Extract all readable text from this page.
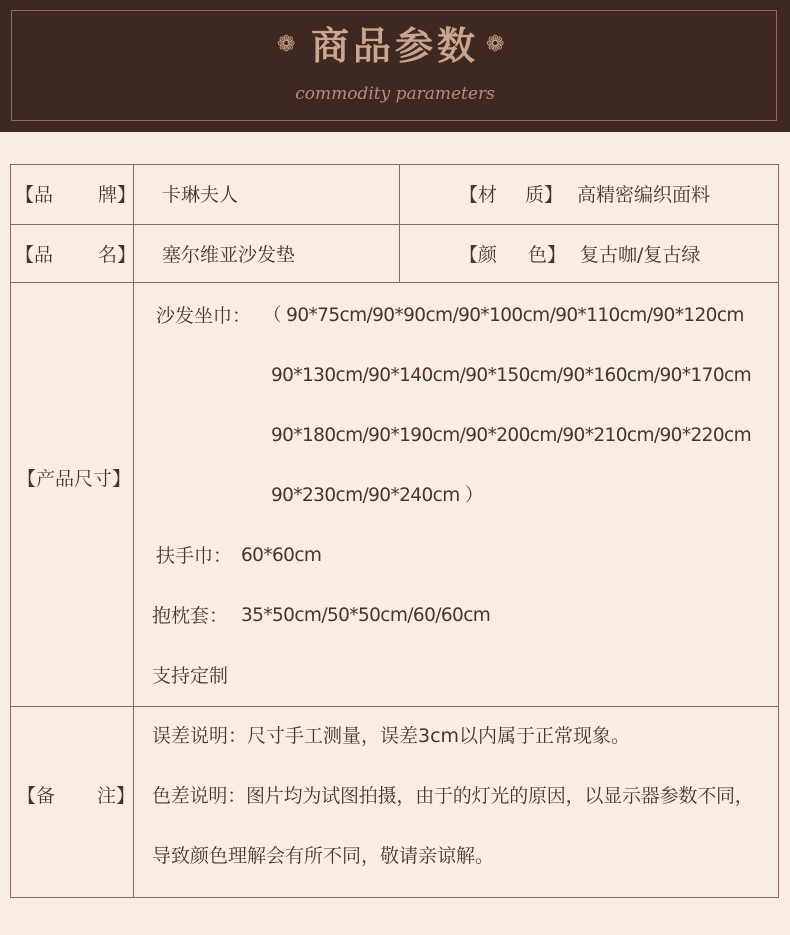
❁ 商品参数 ❁
commodity parameters
【品 牌】 卡琳夫人	【材 质】 高精密编织面料
【品 名】 塞尔维亚沙发垫	【颜 色】 复古咖/复古绿
【产品尺寸】
沙发坐巾： （ 90*75cm/90*90cm/90*100cm/90*110cm/90*120cm
90*130cm/90*140cm/90*150cm/90*160cm/90*170cm
90*180cm/90*190cm/90*200cm/90*210cm/90*220cm
90*230cm/90*240cm ）
扶手巾： 60*60cm
抱枕套： 35*50cm/50*50cm/60/60cm
支持定制
【备 注】
误差说明：尺寸手工测量，误差3cm以内属于正常现象。
色差说明：图片均为试图拍摄，由于的灯光的原因，以显示器参数不同，
导致颜色理解会有所不同，敬请亲谅解。
